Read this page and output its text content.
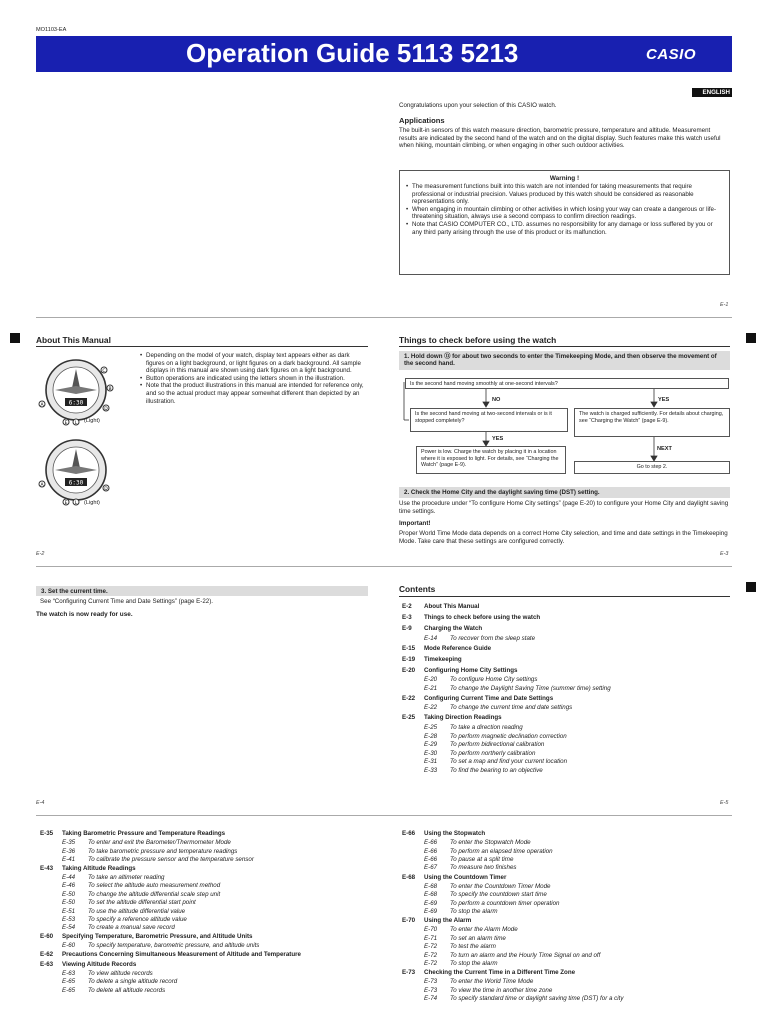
MO1103-EA
Operation Guide 5113 5213	CASIO
ENGLISH
Congratulations upon your selection of this CASIO watch.
Applications
The built-in sensors of this watch measure direction, barometric pressure, temperature and altitude. Measurement results are indicated by the second hand of the watch and on the digital display. Such features make this watch useful when hiking, mountain climbing, or when engaging in other such outdoor activities.
Warning !
• The measurement functions built into this watch are not intended for taking measurements that require professional or industrial precision. Values produced by this watch should be considered as reasonable representations only.
• When engaging in mountain climbing or other activities in which losing your way can create a dangerous or life-threatening situation, always use a second compass to confirm direction readings.
• Note that CASIO COMPUTER CO., LTD. assumes no responsibility for any damage or loss suffered by you or any third party arising through the use of this product or its malfunction.
E-1
About This Manual
6:30
C
B
A
E L
D
(Light)
6:30
A
E L
D
(Light)
• Depending on the model of your watch, display text appears either as dark figures on a light background, or light figures on a dark background. All sample displays in this manual are shown using dark figures on a light background.
• Button operations are indicated using the letters shown in the illustration.
• Note that the product illustrations in this manual are intended for reference only, and so the actual product may appear somewhat different than depicted by an illustration.
E-2
Things to check before using the watch
1. Hold down Ⓓ for about two seconds to enter the Timekeeping Mode, and then observe the movement of the second hand.
Is the second hand moving smoothly at one-second intervals?
NO	YES
Is the second hand moving at two-second intervals or is it stopped completely?
The watch is charged sufficiently. For details about charging, see “Charging the Watch” (page E-9).
YES
NEXT
Power is low. Charge the watch by placing it in a location where it is exposed to light. For details, see “Charging the Watch” (page E-9).	Go to step 2.
2. Check the Home City and the daylight saving time (DST) setting.
Use the procedure under “To configure Home City settings” (page E-20) to configure your Home City and daylight saving time settings.
Important!
Proper World Time Mode data depends on a correct Home City selection, and time and date settings in the Timekeeping Mode. Take care that these settings are configured correctly.
E-3
3. Set the current time.
See “Configuring Current Time and Date Settings” (page E-22).
The watch is now ready for use.
E-4
Contents
E-2 About This Manual
E-3 Things to check before using the watch
E-9 Charging the Watch
E-14 To recover from the sleep state
E-15 Mode Reference Guide
E-19 Timekeeping
E-20 Configuring Home City Settings
E-20 To configure Home City settings
E-21 To change the Daylight Saving Time (summer time) setting
E-22 Configuring Current Time and Date Settings
E-22 To change the current time and date settings
E-25 Taking Direction Readings
E-25 To take a direction reading
E-28 To perform magnetic declination correction
E-29 To perform bidirectional calibration
E-30 To perform northerly calibration
E-31 To set a map and find your current location
E-33 To find the bearing to an objective
E-5
E-35 Taking Barometric Pressure and Temperature Readings
E-35 To enter and exit the Barometer/Thermometer Mode
E-36 To take barometric pressure and temperature readings
E-41 To calibrate the pressure sensor and the temperature sensor
E-43 Taking Altitude Readings
E-44 To take an altimeter reading
E-46 To select the altitude auto measurement method
E-50 To change the altitude differential scale step unit
E-50 To set the altitude differential start point
E-51 To use the altitude differential value
E-53 To specify a reference altitude value
E-54 To create a manual save record
E-60 Specifying Temperature, Barometric Pressure, and Altitude Units
E-60 To specify temperature, barometric pressure, and altitude units
E-62 Precautions Concerning Simultaneous Measurement of Altitude and Temperature
E-63 Viewing Altitude Records
E-63 To view altitude records
E-65 To delete a single altitude record
E-65 To delete all altitude records
E-66 Using the Stopwatch
E-66 To enter the Stopwatch Mode
E-66 To perform an elapsed time operation
E-66 To pause at a split time
E-67 To measure two finishes
E-68 Using the Countdown Timer
E-68 To enter the Countdown Timer Mode
E-68 To specify the countdown start time
E-69 To perform a countdown timer operation
E-69 To stop the alarm
E-70 Using the Alarm
E-70 To enter the Alarm Mode
E-71 To set an alarm time
E-72 To test the alarm
E-72 To turn an alarm and the Hourly Time Signal on and off
E-72 To stop the alarm
E-73 Checking the Current Time in a Different Time Zone
E-73 To enter the World Time Mode
E-73 To view the time in another time zone
E-74 To specify standard time or daylight saving time (DST) for a city
